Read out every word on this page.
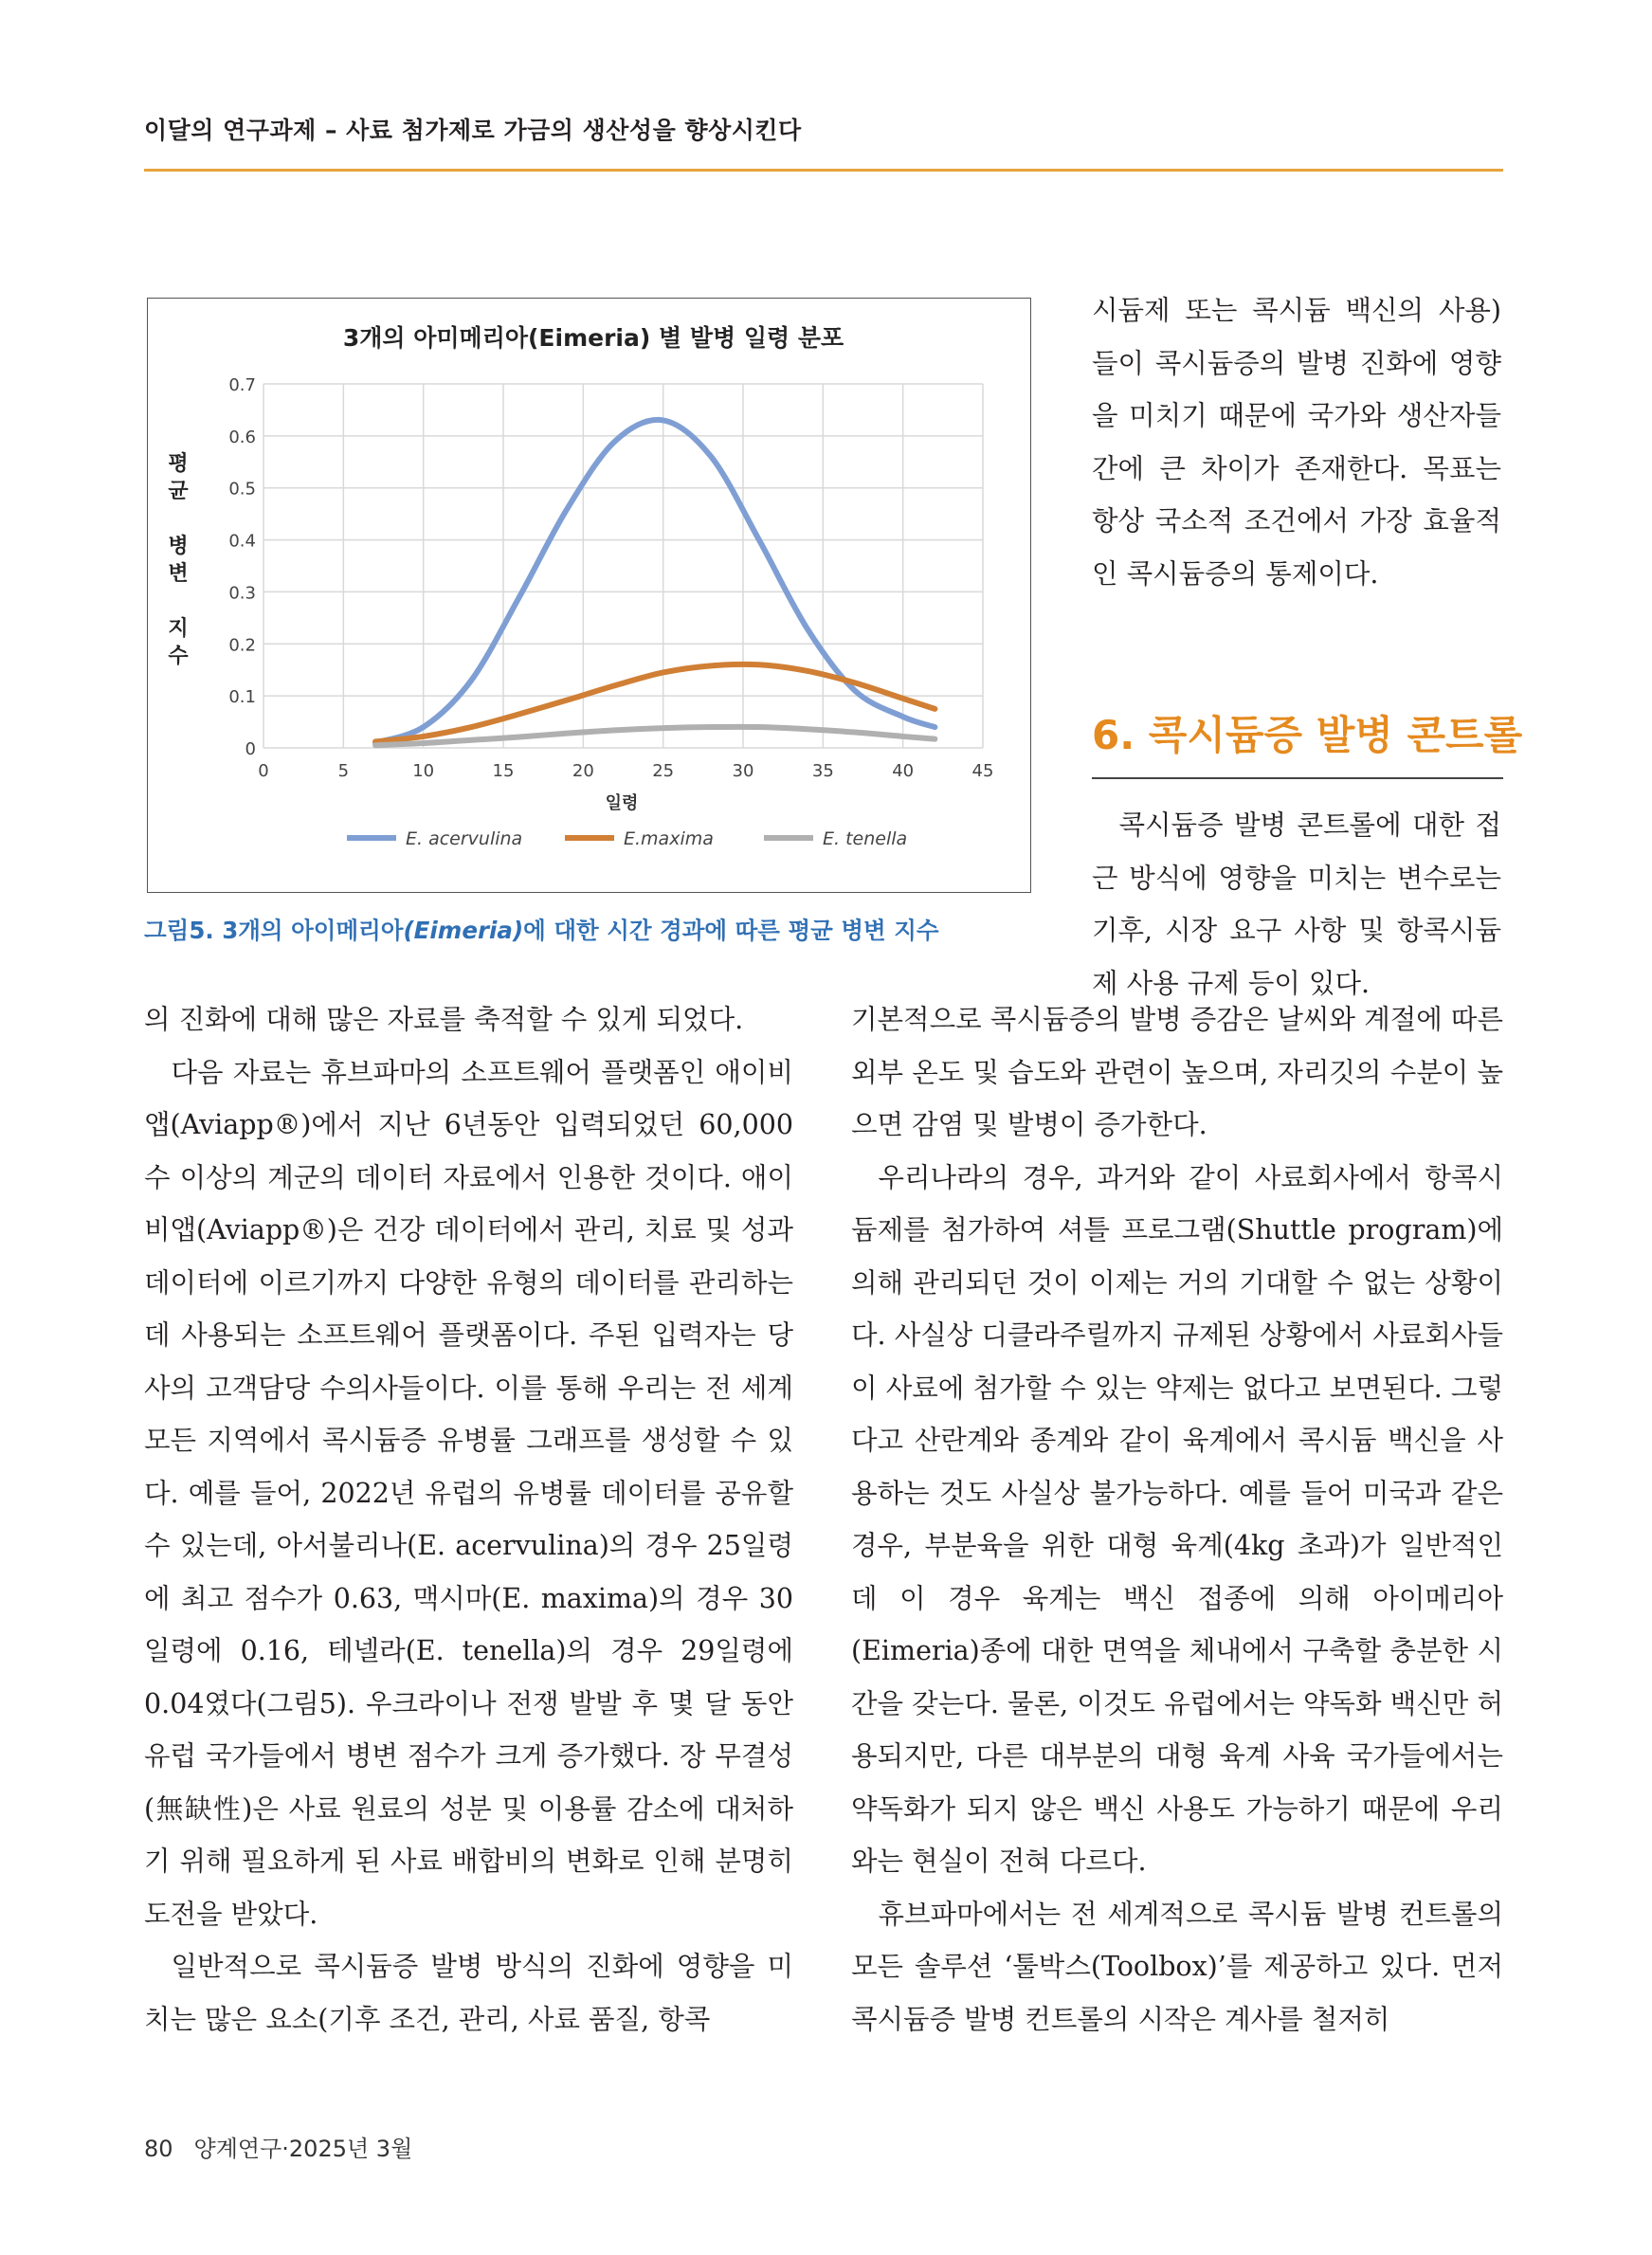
이달의 연구과제 – 사료 첨가제로 가금의 생산성을 향상시킨다
평
균

병
변

지
수
3개의 아미메리아(Eimeria) 별 발병 일령 분포
0
0.1
0.2
0.3
0.4
0.5
0.6
0.7
0	5	10	15	20	25	30	35	40	45
일령
E. acervulina	E.maxima	E. tenella
그림5. 3개의 아이메리아(Eimeria)에 대한 시간 경과에 따른 평균 병변 지수

의 진화에 대해 많은 자료를 축적할 수 있게 되었다.

다음 자료는 휴브파마의 소프트웨어 플랫폼인 애이비앱(Aviapp®)에서 지난 6년동안 입력되었던 60,000수 이상의 계군의 데이터 자료에서 인용한 것이다. 애이비앱(Aviapp®)은 건강 데이터에서 관리, 치료 및 성과 데이터에 이르기까지 다양한 유형의 데이터를 관리하는 데 사용되는 소프트웨어 플랫폼이다. 주된 입력자는 당사의 고객담당 수의사들이다. 이를 통해 우리는 전 세계 모든 지역에서 콕시듐증 유병률 그래프를 생성할 수 있다. 예를 들어, 2022년 유럽의 유병률 데이터를 공유할 수 있는데, 아서불리나(E. acervulina)의 경우 25일령에 최고 점수가 0.63, 맥시마(E. maxima)의 경우 30일령에 0.16, 테넬라(E. tenella)의 경우 29일령에 0.04였다(그림5). 우크라이나 전쟁 발발 후 몇 달 동안 유럽 국가들에서 병변 점수가 크게 증가했다. 장 무결성(無缺性)은 사료 원료의 성분 및 이용률 감소에 대처하기 위해 필요하게 된 사료 배합비의 변화로 인해 분명히 도전을 받았다.

일반적으로 콕시듐증 발병 방식의 진화에 영향을 미치는 많은 요소(기후 조건, 관리, 사료 품질, 항콕

시듐제 또는 콕시듐 백신의 사용)들이 콕시듐증의 발병 진화에 영향을 미치기 때문에 국가와 생산자들 간에 큰 차이가 존재한다. 목표는 항상 국소적 조건에서 가장 효율적인 콕시듐증의 통제이다.

6. 콕시듐증 발병 콘트롤

콕시듐증 발병 콘트롤에 대한 접근 방식에 영향을 미치는 변수로는 기후, 시장 요구 사항 및 항콕시듐제 사용 규제 등이 있다.

기본적으로 콕시듐증의 발병 증감은 날씨와 계절에 따른 외부 온도 및 습도와 관련이 높으며, 자리깃의 수분이 높으면 감염 및 발병이 증가한다.

우리나라의 경우, 과거와 같이 사료회사에서 항콕시듐제를 첨가하여 셔틀 프로그램(Shuttle program)에 의해 관리되던 것이 이제는 거의 기대할 수 없는 상황이다. 사실상 디클라주릴까지 규제된 상황에서 사료회사들이 사료에 첨가할 수 있는 약제는 없다고 보면된다. 그렇다고 산란계와 종계와 같이 육계에서 콕시듐 백신을 사용하는 것도 사실상 불가능하다. 예를 들어 미국과 같은 경우, 부분육을 위한 대형 육계(4kg 초과)가 일반적인데 이 경우 육계는 백신 접종에 의해 아이메리아(Eimeria)종에 대한 면역을 체내에서 구축할 충분한 시간을 갖는다. 물론, 이것도 유럽에서는 약독화 백신만 허용되지만, 다른 대부분의 대형 육계 사육 국가들에서는 약독화가 되지 않은 백신 사용도 가능하기 때문에 우리와는 현실이 전혀 다르다.

휴브파마에서는 전 세계적으로 콕시듐 발병 컨트롤의 모든 솔루션 ‘툴박스(Toolbox)’를 제공하고 있다. 먼저 콕시듐증 발병 컨트롤의 시작은 계사를 철저히

80 양계연구·2025년 3월
